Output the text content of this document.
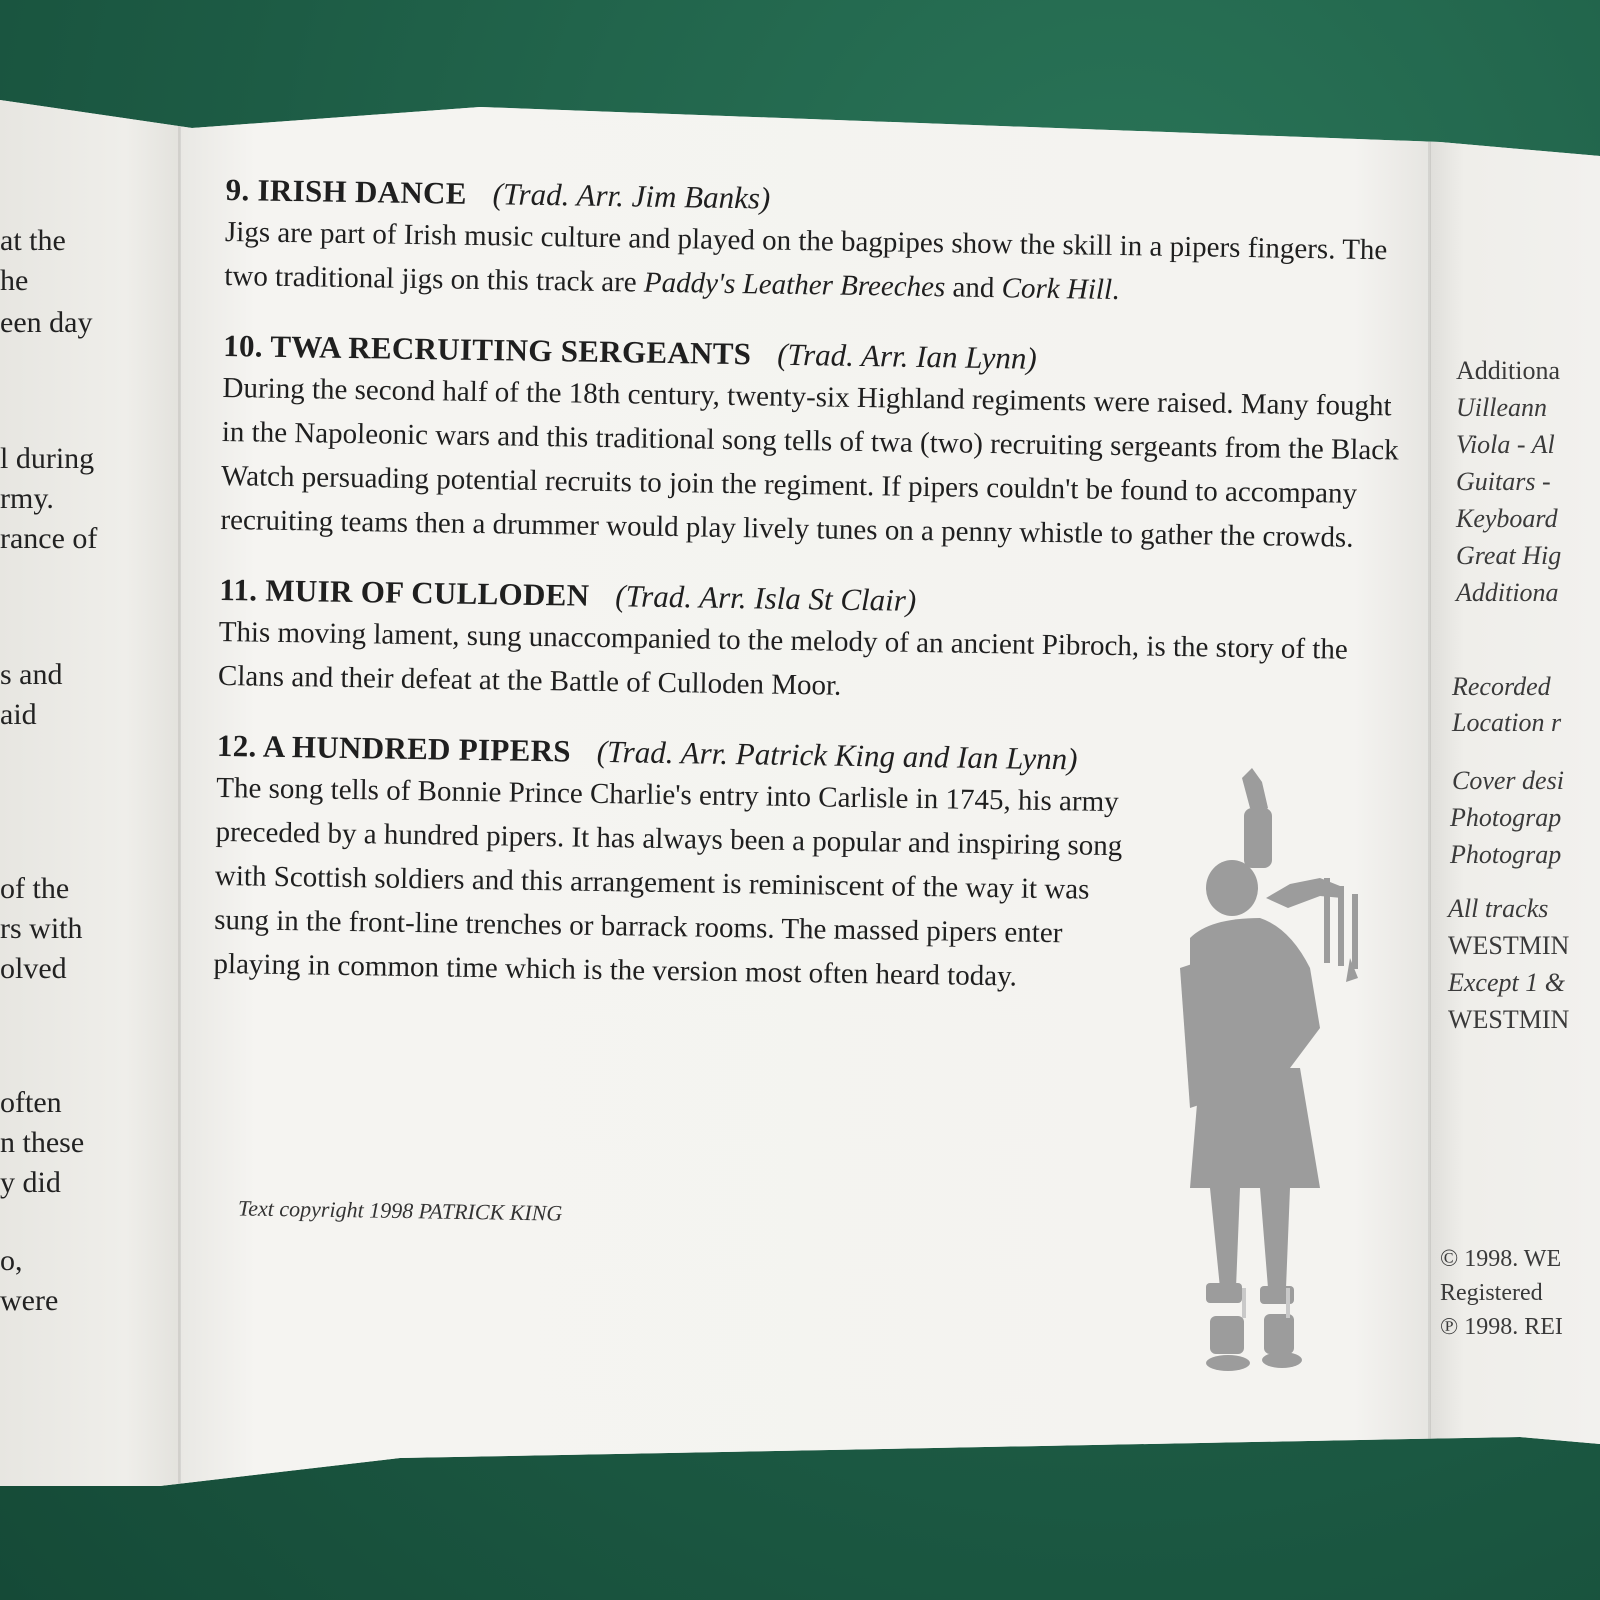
at the
he
een day
l during
rmy.
rance of
s and
aid
of the
rs with
olved
often
n these
y did
o,
were
9. IRISH DANCE (Trad. Arr. Jim Banks)
Jigs are part of Irish music culture and played on the bagpipes show the skill in a pipers fingers. The two traditional jigs on this track are Paddy's Leather Breeches and Cork Hill.
10. TWA RECRUITING SERGEANTS (Trad. Arr. Ian Lynn)
During the second half of the 18th century, twenty-six Highland regiments were raised. Many fought in the Napoleonic wars and this traditional song tells of twa (two) recruiting sergeants from the Black Watch persuading potential recruits to join the regiment. If pipers couldn't be found to accompany recruiting teams then a drummer would play lively tunes on a penny whistle to gather the crowds.
11. MUIR OF CULLODEN (Trad. Arr. Isla St Clair)
This moving lament, sung unaccompanied to the melody of an ancient Pibroch, is the story of the Clans and their defeat at the Battle of Culloden Moor.
12. A HUNDRED PIPERS (Trad. Arr. Patrick King and Ian Lynn)
The song tells of Bonnie Prince Charlie's entry into Carlisle in 1745, his army preceded by a hundred pipers. It has always been a popular and inspiring song with Scottish soldiers and this arrangement is reminiscent of the way it was sung in the front-line trenches or barrack rooms. The massed pipers enter playing in common time which is the version most often heard today.
Text copyright 1998 PATRICK KING
Additiona
Uilleann
Viola - Al
Guitars -
Keyboard
Great Hig
Additiona
Recorded
Location r
Cover desi
Photograp
Photograp
All tracks
WESTMIN
Except 1 &
WESTMIN
© 1998. WE
Registered
℗ 1998. REI
